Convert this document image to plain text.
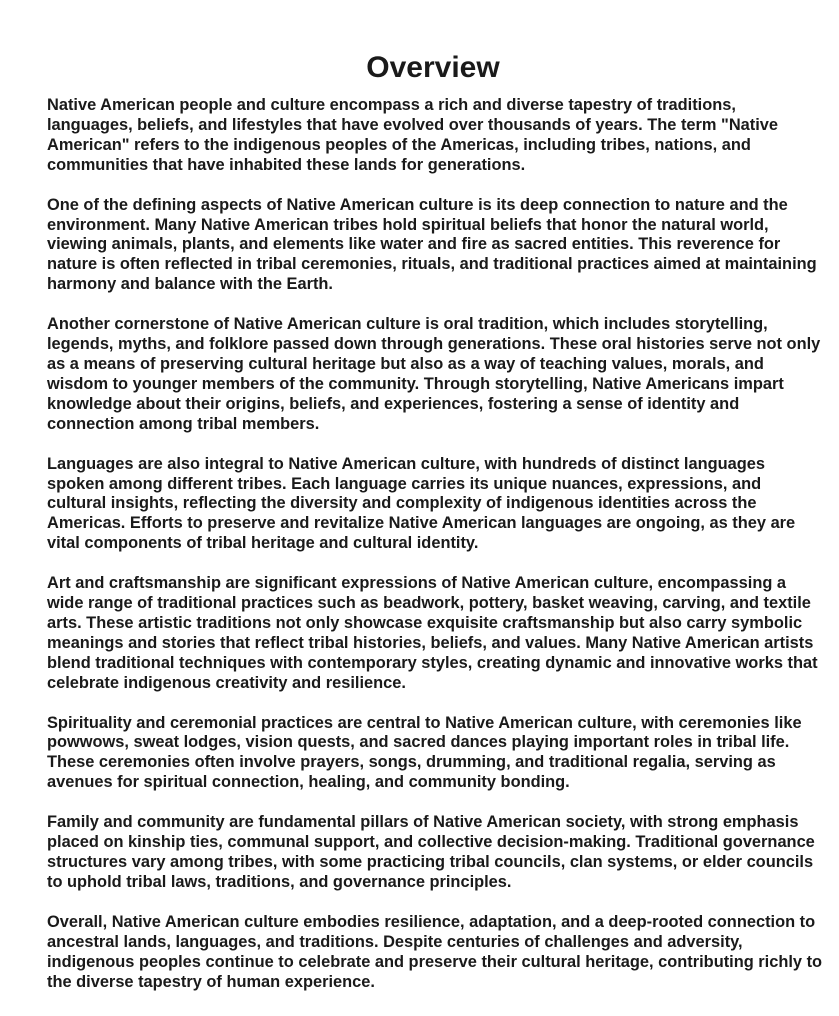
Overview

Native American people and culture encompass a rich and diverse tapestry of traditions, languages, beliefs, and lifestyles that have evolved over thousands of years. The term "Native American" refers to the indigenous peoples of the Americas, including tribes, nations, and communities that have inhabited these lands for generations.

One of the defining aspects of Native American culture is its deep connection to nature and the environment. Many Native American tribes hold spiritual beliefs that honor the natural world, viewing animals, plants, and elements like water and fire as sacred entities. This reverence for nature is often reflected in tribal ceremonies, rituals, and traditional practices aimed at maintaining harmony and balance with the Earth.

Another cornerstone of Native American culture is oral tradition, which includes storytelling, legends, myths, and folklore passed down through generations. These oral histories serve not only as a means of preserving cultural heritage but also as a way of teaching values, morals, and wisdom to younger members of the community. Through storytelling, Native Americans impart knowledge about their origins, beliefs, and experiences, fostering a sense of identity and connection among tribal members.

Languages are also integral to Native American culture, with hundreds of distinct languages spoken among different tribes. Each language carries its unique nuances, expressions, and cultural insights, reflecting the diversity and complexity of indigenous identities across the Americas. Efforts to preserve and revitalize Native American languages are ongoing, as they are vital components of tribal heritage and cultural identity.

Art and craftsmanship are significant expressions of Native American culture, encompassing a wide range of traditional practices such as beadwork, pottery, basket weaving, carving, and textile arts. These artistic traditions not only showcase exquisite craftsmanship but also carry symbolic meanings and stories that reflect tribal histories, beliefs, and values. Many Native American artists blend traditional techniques with contemporary styles, creating dynamic and innovative works that celebrate indigenous creativity and resilience.

Spirituality and ceremonial practices are central to Native American culture, with ceremonies like powwows, sweat lodges, vision quests, and sacred dances playing important roles in tribal life. These ceremonies often involve prayers, songs, drumming, and traditional regalia, serving as avenues for spiritual connection, healing, and community bonding.

Family and community are fundamental pillars of Native American society, with strong emphasis placed on kinship ties, communal support, and collective decision-making. Traditional governance structures vary among tribes, with some practicing tribal councils, clan systems, or elder councils to uphold tribal laws, traditions, and governance principles.

Overall, Native American culture embodies resilience, adaptation, and a deep-rooted connection to ancestral lands, languages, and traditions. Despite centuries of challenges and adversity, indigenous peoples continue to celebrate and preserve their cultural heritage, contributing richly to the diverse tapestry of human experience.
